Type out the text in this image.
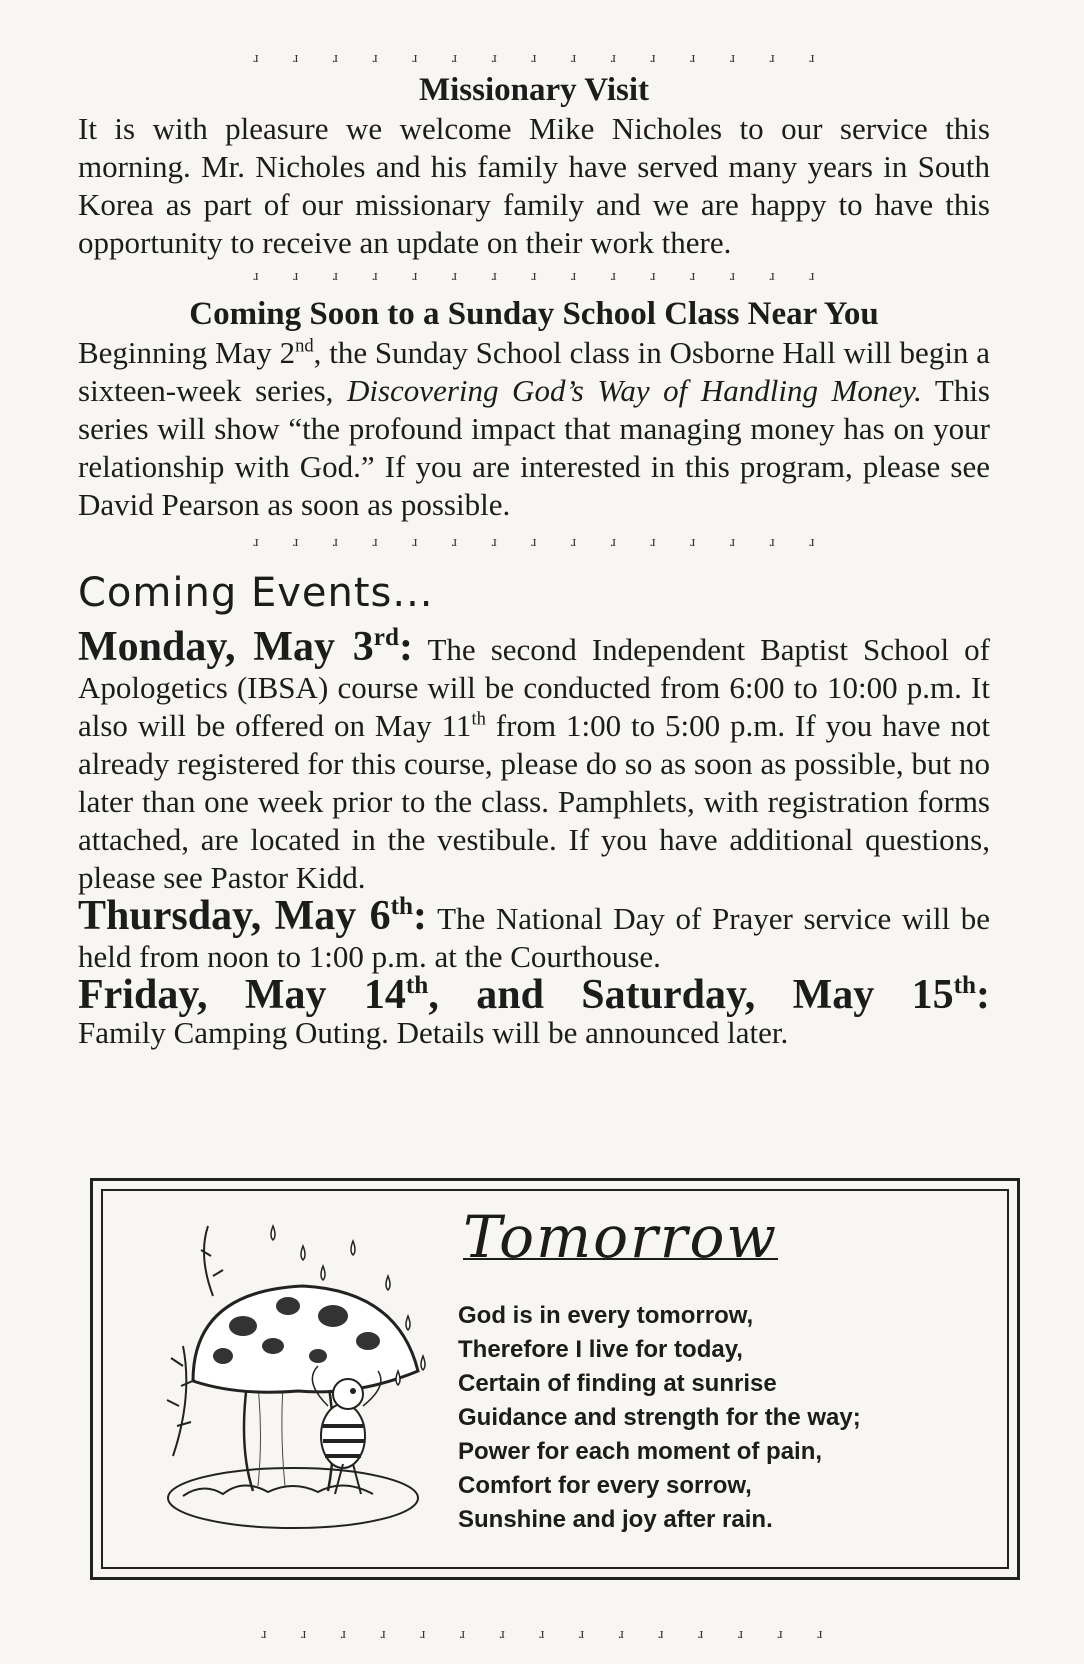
ɹ ɹ ɹ ɹ ɹ ɹ ɹ ɹ ɹ ɹ ɹ ɹ ɹ ɹ ɹ
Missionary Visit

It is with pleasure we welcome Mike Nicholes to our service this morning. Mr. Nicholes and his family have served many years in South Korea as part of our missionary family and we are happy to have this opportunity to receive an update on their work there.

ɹ ɹ ɹ ɹ ɹ ɹ ɹ ɹ ɹ ɹ ɹ ɹ ɹ ɹ ɹ
Coming Soon to a Sunday School Class Near You

Beginning May 2nd, the Sunday School class in Osborne Hall will begin a sixteen-week series, Discovering God’s Way of Handling Money. This series will show “the profound impact that managing money has on your relationship with God.” If you are interested in this program, please see David Pearson as soon as possible.

ɹ ɹ ɹ ɹ ɹ ɹ ɹ ɹ ɹ ɹ ɹ ɹ ɹ ɹ ɹ
Coming Events...

Monday, May 3rd: The second Independent Baptist School of Apologetics (IBSA) course will be conducted from 6:00 to 10:00 p.m. It also will be offered on May 11th from 1:00 to 5:00 p.m. If you have not already registered for this course, please do so as soon as possible, but no later than one week prior to the class. Pamphlets, with registration forms attached, are located in the vestibule. If you have additional questions, please see Pastor Kidd.

Thursday, May 6th: The National Day of Prayer service will be held from noon to 1:00 p.m. at the Courthouse.

Friday, May 14th, and Saturday, May 15th:
Family Camping Outing. Details will be announced later.

Tomorrow
God is in every tomorrow,
Therefore I live for today,
Certain of finding at sunrise
Guidance and strength for the way;
Power for each moment of pain,
Comfort for every sorrow,
Sunshine and joy after rain.
ɹ ɹ ɹ ɹ ɹ ɹ ɹ ɹ ɹ ɹ ɹ ɹ ɹ ɹ ɹ
